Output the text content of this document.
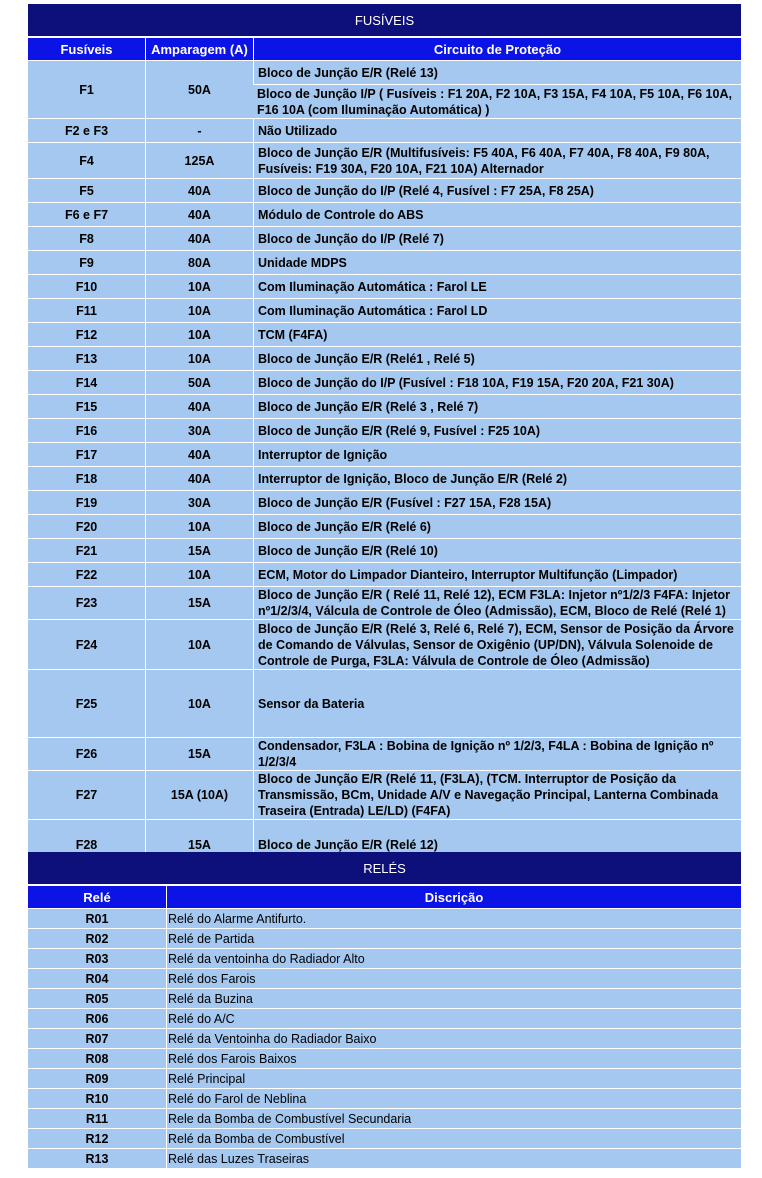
FUSÍVEIS		
Fusíveis	Amparagem (A)	Circuito de Proteção
F1	50A	Bloco de Junção E/R (Relé 13)
		Bloco de Junção I/P ( Fusíveis : F1 20A, F2 10A, F3 15A, F4 10A, F5 10A, F6 10A, F16 10A (com Iluminação Automática) )
F2 e F3	-	Não Utilizado
F4	125A	Bloco de Junção E/R (Multifusíveis: F5 40A, F6 40A, F7 40A, F8 40A, F9 80A, Fusíveis: F19 30A, F20 10A, F21 10A) Alternador
F5	40A	Bloco de Junção do I/P (Relé 4, Fusível : F7 25A, F8 25A)
F6 e F7	40A	Módulo de Controle do ABS
F8	40A	Bloco de Junção do I/P (Relé 7)
F9	80A	Unidade MDPS
F10	10A	Com Iluminação Automática : Farol LE
F11	10A	Com Iluminação Automática : Farol LD
F12	10A	TCM (F4FA)
F13	10A	Bloco de Junção E/R (Relé1 , Relé 5)
F14	50A	Bloco de Junção do I/P (Fusível : F18 10A, F19 15A, F20 20A, F21 30A)
F15	40A	Bloco de Junção E/R (Relé 3 , Relé 7)
F16	30A	Bloco de Junção E/R (Relé 9, Fusível : F25 10A)
F17	40A	Interruptor de Ignição
F18	40A	Interruptor de Ignição, Bloco de Junção E/R (Relé 2)
F19	30A	Bloco de Junção E/R (Fusível : F27 15A, F28 15A)
F20	10A	Bloco de Junção E/R (Relé 6)
F21	15A	Bloco de Junção E/R (Relé 10)
F22	10A	ECM, Motor do Limpador Dianteiro, Interruptor Multifunção (Limpador)
F23	15A	Bloco de Junção E/R ( Relé 11, Relé 12), ECM F3LA: Injetor nº1/2/3 F4FA: Injetor nº1/2/3/4, Válcula de Controle de Óleo (Admissão), ECM, Bloco de Relé (Relé 1)
F24	10A	Bloco de Junção E/R (Relé 3, Relé 6, Relé 7), ECM, Sensor de Posição da Árvore de Comando de Válvulas, Sensor de Oxigênio (UP/DN), Válvula Solenoide de Controle de Purga, F3LA: Válvula de Controle de Óleo (Admissão)
F25	10A	Sensor da Bateria
F26	15A	Condensador, F3LA : Bobina de Ignição nº 1/2/3, F4LA : Bobina de Ignição nº 1/2/3/4
F27	15A (10A)	Bloco de Junção E/R (Relé 11, (F3LA), (TCM. Interruptor de Posição da Transmissão, BCm, Unidade A/V e Navegação Principal, Lanterna Combinada Traseira (Entrada) LE/LD) (F4FA)
F28	15A	Bloco de Junção E/R (Relé 12)
RELÉS	
Relé	Discrição
R01	Relé do Alarme Antifurto.
R02	Relé de Partida
R03	Relé da ventoinha do Radiador Alto
R04	Relé dos Farois
R05	Relé da Buzina
R06	Relé do A/C
R07	Relé da Ventoinha do Radiador Baixo
R08	Relé dos Farois Baixos
R09	Relé Principal
R10	Relé do Farol de Neblina
R11	Rele da Bomba de Combustível Secundaria
R12	Relé da Bomba de Combustível
R13	Relé das Luzes Traseiras
